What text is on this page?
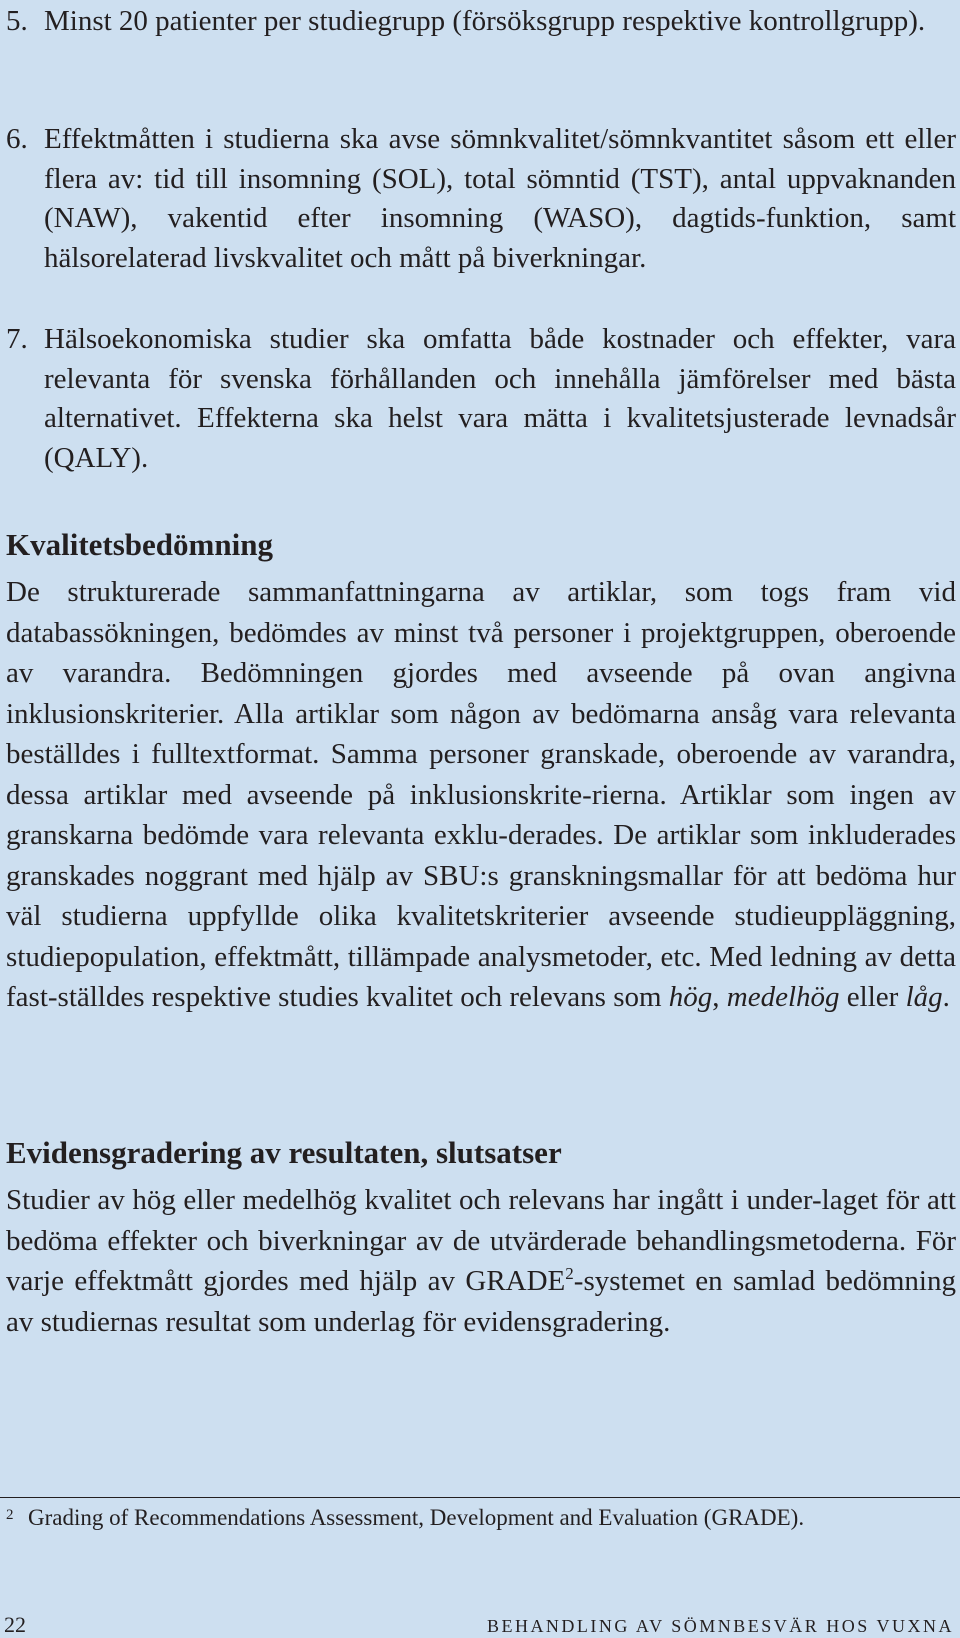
5. Minst 20 patienter per studiegrupp (försöksgrupp respektive kontrollgrupp).
6. Effektmåtten i studierna ska avse sömnkvalitet/sömnkvantitet såsom ett eller flera av: tid till insomning (SOL), total sömntid (TST), antal uppvaknanden (NAW), vakentid efter insomning (WASO), dagtids-funktion, samt hälsorelaterad livskvalitet och mått på biverkningar.
7. Hälsoekonomiska studier ska omfatta både kostnader och effekter, vara relevanta för svenska förhållanden och innehålla jämförelser med bästa alternativet. Effekterna ska helst vara mätta i kvalitetsjusterade levnadsår (QALY).
Kvalitetsbedömning

De strukturerade sammanfattningarna av artiklar, som togs fram vid databassökningen, bedömdes av minst två personer i projektgruppen, oberoende av varandra. Bedömningen gjordes med avseende på ovan angivna inklusionskriterier. Alla artiklar som någon av bedömarna ansåg vara relevanta beställdes i fulltextformat. Samma personer granskade, oberoende av varandra, dessa artiklar med avseende på inklusionskrite-rierna. Artiklar som ingen av granskarna bedömde vara relevanta exklu-derades. De artiklar som inkluderades granskades noggrant med hjälp av SBU:s granskningsmallar för att bedöma hur väl studierna uppfyllde olika kvalitetskriterier avseende studieuppläggning, studiepopulation, effektmått, tillämpade analysmetoder, etc. Med ledning av detta fast-ställdes respektive studies kvalitet och relevans som hög, medelhög eller låg.

Evidensgradering av resultaten, slutsatser

Studier av hög eller medelhög kvalitet och relevans har ingått i under-laget för att bedöma effekter och biverkningar av de utvärderade behandlingsmetoderna. För varje effektmått gjordes med hjälp av GRADE$^2$-systemet en samlad bedömning av studiernas resultat som underlag för evidensgradering.

2 Grading of Recommendations Assessment, Development and Evaluation (GRADE).
22	BEHANDLING AV SÖMNBESVÄR HOS VUXNA
